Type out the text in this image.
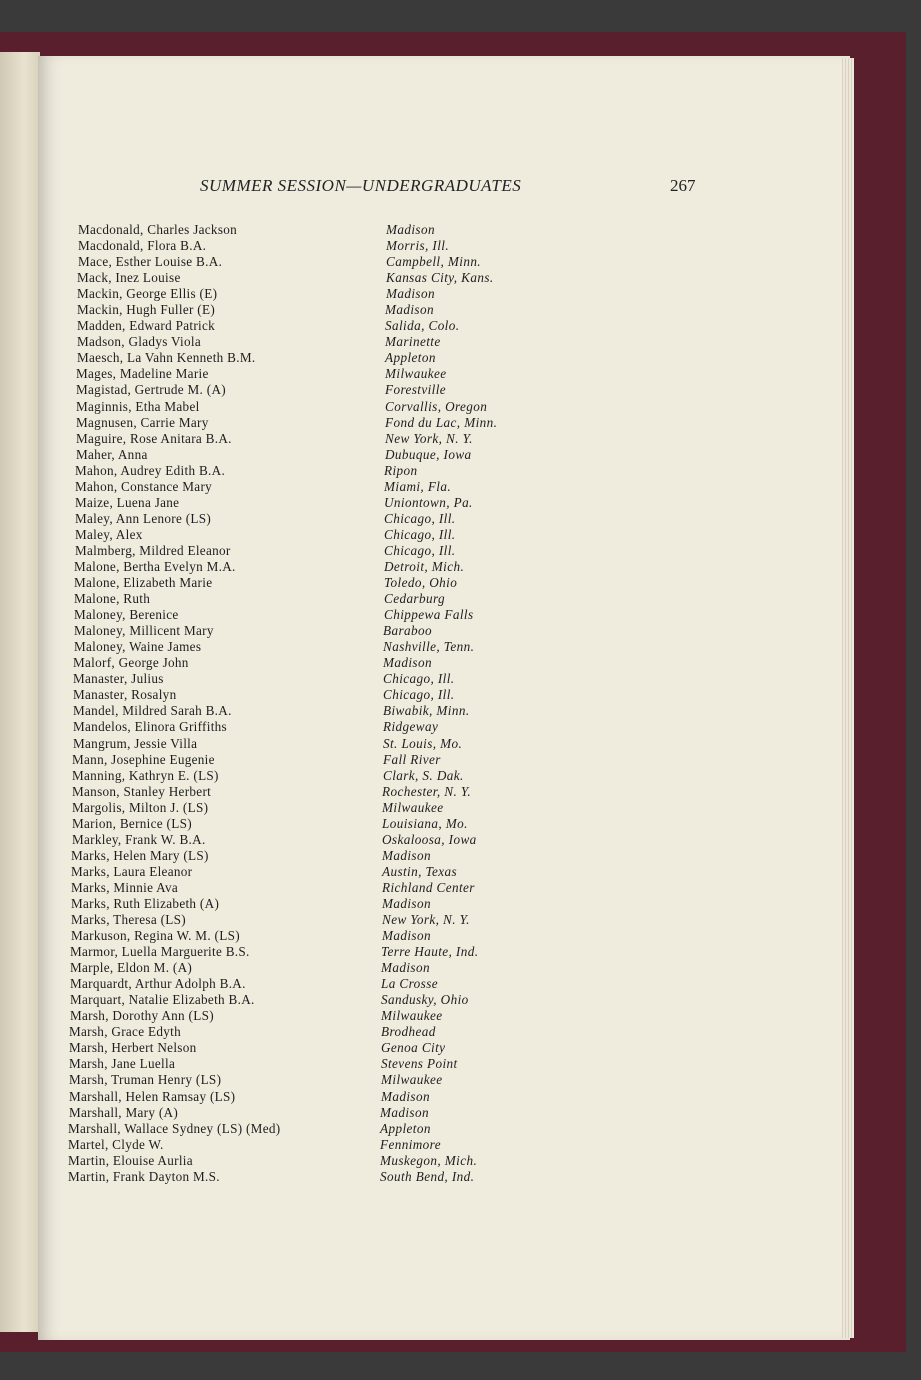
SUMMER SESSION—UNDERGRADUATES	267
Macdonald, Charles Jackson	Madison
Macdonald, Flora B.A.	Morris, Ill.
Mace, Esther Louise B.A.	Campbell, Minn.
Mack, Inez Louise	Kansas City, Kans.
Mackin, George Ellis (E)	Madison
Mackin, Hugh Fuller (E)	Madison
Madden, Edward Patrick	Salida, Colo.
Madson, Gladys Viola	Marinette
Maesch, La Vahn Kenneth B.M.	Appleton
Mages, Madeline Marie	Milwaukee
Magistad, Gertrude M. (A)	Forestville
Maginnis, Etha Mabel	Corvallis, Oregon
Magnusen, Carrie Mary	Fond du Lac, Minn.
Maguire, Rose Anitara B.A.	New York, N. Y.
Maher, Anna	Dubuque, Iowa
Mahon, Audrey Edith B.A.	Ripon
Mahon, Constance Mary	Miami, Fla.
Maize, Luena Jane	Uniontown, Pa.
Maley, Ann Lenore (LS)	Chicago, Ill.
Maley, Alex	Chicago, Ill.
Malmberg, Mildred Eleanor	Chicago, Ill.
Malone, Bertha Evelyn M.A.	Detroit, Mich.
Malone, Elizabeth Marie	Toledo, Ohio
Malone, Ruth	Cedarburg
Maloney, Berenice	Chippewa Falls
Maloney, Millicent Mary	Baraboo
Maloney, Waine James	Nashville, Tenn.
Malorf, George John	Madison
Manaster, Julius	Chicago, Ill.
Manaster, Rosalyn	Chicago, Ill.
Mandel, Mildred Sarah B.A.	Biwabik, Minn.
Mandelos, Elinora Griffiths	Ridgeway
Mangrum, Jessie Villa	St. Louis, Mo.
Mann, Josephine Eugenie	Fall River
Manning, Kathryn E. (LS)	Clark, S. Dak.
Manson, Stanley Herbert	Rochester, N. Y.
Margolis, Milton J. (LS)	Milwaukee
Marion, Bernice (LS)	Louisiana, Mo.
Markley, Frank W. B.A.	Oskaloosa, Iowa
Marks, Helen Mary (LS)	Madison
Marks, Laura Eleanor	Austin, Texas
Marks, Minnie Ava	Richland Center
Marks, Ruth Elizabeth (A)	Madison
Marks, Theresa (LS)	New York, N. Y.
Markuson, Regina W. M. (LS)	Madison
Marmor, Luella Marguerite B.S.	Terre Haute, Ind.
Marple, Eldon M. (A)	Madison
Marquardt, Arthur Adolph B.A.	La Crosse
Marquart, Natalie Elizabeth B.A.	Sandusky, Ohio
Marsh, Dorothy Ann (LS)	Milwaukee
Marsh, Grace Edyth	Brodhead
Marsh, Herbert Nelson	Genoa City
Marsh, Jane Luella	Stevens Point
Marsh, Truman Henry (LS)	Milwaukee
Marshall, Helen Ramsay (LS)	Madison
Marshall, Mary (A)	Madison
Marshall, Wallace Sydney (LS) (Med)	Appleton
Martel, Clyde W.	Fennimore
Martin, Elouise Aurlia	Muskegon, Mich.
Martin, Frank Dayton M.S.	South Bend, Ind.
